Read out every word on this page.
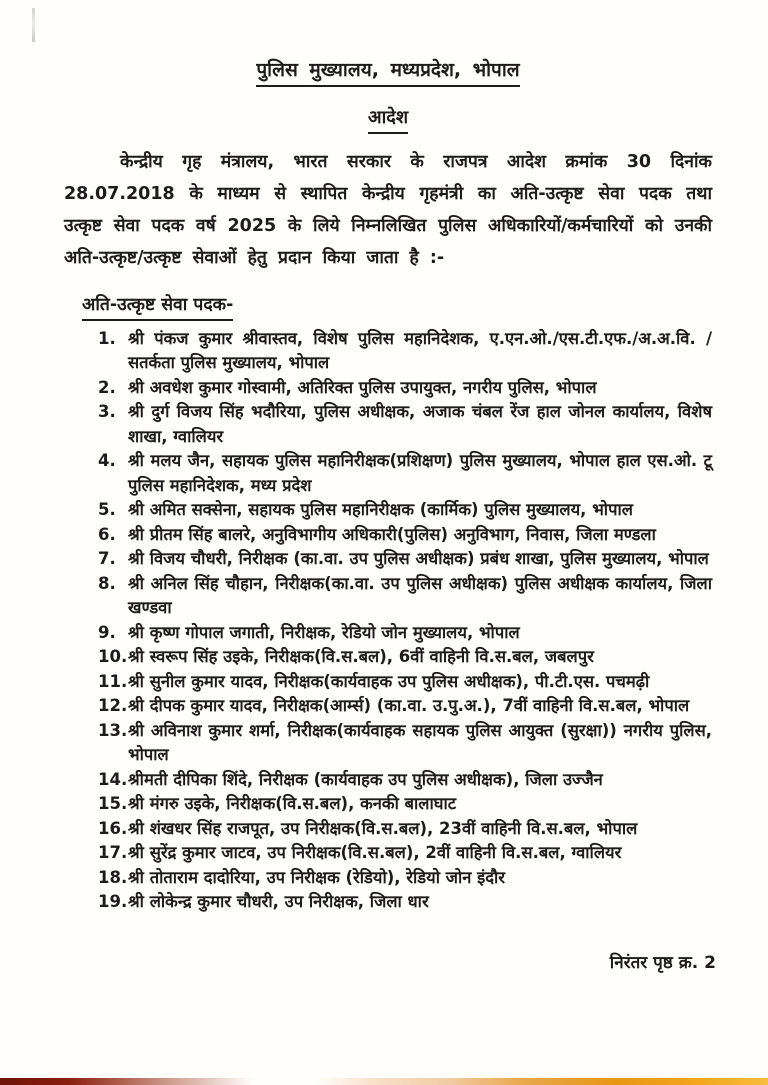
पुलिस मुख्यालय, मध्यप्रदेश, भोपाल
आदेश

केन्द्रीय गृह मंत्रालय, भारत सरकार के राजपत्र आदेश क्रमांक 30 दिनांक 28.07.2018 के माध्यम से स्थापित केन्द्रीय गृहमंत्री का अति-उत्कृष्ट सेवा पदक तथा उत्कृष्ट सेवा पदक वर्ष 2025 के लिये निम्नलिखित पुलिस अधिकारियों/कर्मचारियों को उनकी अति-उत्कृष्ट/उत्कृष्ट सेवाओं हेतु प्रदान किया जाता है :-

अति-उत्कृष्ट सेवा पदक-
1. श्री पंकज कुमार श्रीवास्तव, विशेष पुलिस महानिदेशक, ए.एन.ओ./एस.टी.एफ./अ.अ.वि. /सतर्कता पुलिस मुख्यालय, भोपाल
2. श्री अवधेश कुमार गोस्वामी, अतिरिक्त पुलिस उपायुक्त, नगरीय पुलिस, भोपाल
3. श्री दुर्ग विजय सिंह भदौरिया, पुलिस अधीक्षक, अजाक चंबल रेंज हाल जोनल कार्यालय, विशेष शाखा, ग्वालियर
4. श्री मलय जैन, सहायक पुलिस महानिरीक्षक(प्रशिक्षण) पुलिस मुख्यालय, भोपाल हाल एस.ओ. टू पुलिस महानिदेशक, मध्य प्रदेश
5. श्री अमित सक्सेना, सहायक पुलिस महानिरीक्षक (कार्मिक) पुलिस मुख्यालय, भोपाल
6. श्री प्रीतम सिंह बालरे, अनुविभागीय अधिकारी(पुलिस) अनुविभाग, निवास, जिला मण्डला
7. श्री विजय चौधरी, निरीक्षक (का.वा. उप पुलिस अधीक्षक) प्रबंध शाखा, पुलिस मुख्यालय, भोपाल
8. श्री अनिल सिंह चौहान, निरीक्षक(का.वा. उप पुलिस अधीक्षक) पुलिस अधीक्षक कार्यालय, जिला खण्डवा
9. श्री कृष्ण गोपाल जगाती, निरीक्षक, रेडियो जोन मुख्यालय, भोपाल
10. श्री स्वरूप सिंह उइके, निरीक्षक(वि.स.बल), 6वीं वाहिनी वि.स.बल, जबलपुर
11. श्री सुनील कुमार यादव, निरीक्षक(कार्यवाहक उप पुलिस अधीक्षक), पी.टी.एस. पचमढ़ी
12. श्री दीपक कुमार यादव, निरीक्षक(आर्म्स) (का.वा. उ.पु.अ.), 7वीं वाहिनी वि.स.बल, भोपाल
13. श्री अविनाश कुमार शर्मा, निरीक्षक(कार्यवाहक सहायक पुलिस आयुक्त (सुरक्षा)) नगरीय पुलिस, भोपाल
14. श्रीमती दीपिका शिंदे, निरीक्षक (कार्यवाहक उप पुलिस अधीक्षक), जिला उज्जैन
15. श्री मंगरु उइके, निरीक्षक(वि.स.बल), कनकी बालाघाट
16. श्री शंखधर सिंह राजपूत, उप निरीक्षक(वि.स.बल), 23वीं वाहिनी वि.स.बल, भोपाल
17. श्री सुरेंद्र कुमार जाटव, उप निरीक्षक(वि.स.बल), 2वीं वाहिनी वि.स.बल, ग्वालियर
18. श्री तोताराम दादोरिया, उप निरीक्षक (रेडियो), रेडियो जोन इंदौर
19. श्री लोकेन्द्र कुमार चौधरी, उप निरीक्षक, जिला धार
निरंतर पृष्ठ क्र. 2
